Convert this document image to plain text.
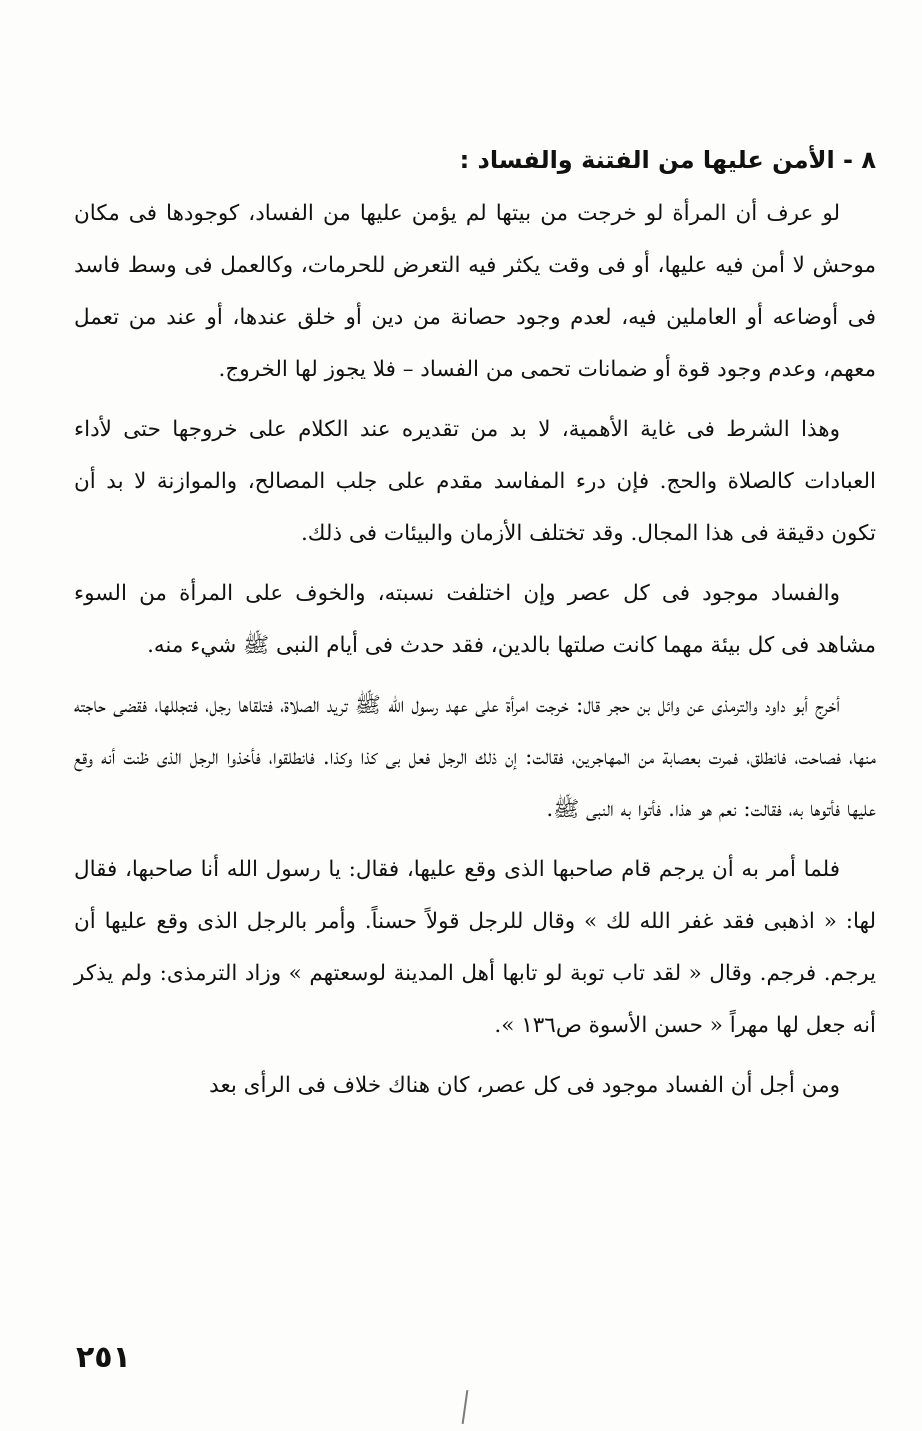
٨ - الأمن عليها من الفتنة والفساد :

لو عرف أن المرأة لو خرجت من بيتها لم يؤمن عليها من الفساد، كوجودها فى مكان موحش لا أمن فيه عليها، أو فى وقت يكثر فيه التعرض للحرمات، وكالعمل فى وسط فاسد فى أوضاعه أو العاملين فيه، لعدم وجود حصانة من دين أو خلق عندها، أو عند من تعمل معهم، وعدم وجود قوة أو ضمانات تحمى من الفساد – فلا يجوز لها الخروج.

وهذا الشرط فى غاية الأهمية، لا بد من تقديره عند الكلام على خروجها حتى لأداء العبادات كالصلاة والحج. فإن درء المفاسد مقدم على جلب المصالح، والموازنة لا بد أن تكون دقيقة فى هذا المجال. وقد تختلف الأزمان والبيئات فى ذلك.

والفساد موجود فى كل عصر وإن اختلفت نسبته، والخوف على المرأة من السوء مشاهد فى كل بيئة مهما كانت صلتها بالدين، فقد حدث فى أيام النبى ﷺ شيء منه.

أخرج أبو داود والترمذى عن وائل بن حجر قال: خرجت امرأة على عهد رسول الله ﷺ تريد الصلاة، فتلقاها رجل، فتجللها، فقضى حاجته منها، فصاحت، فانطلق، فمرت بعصابة من المهاجرين، فقالت: إن ذلك الرجل فعل بى كذا وكذا. فانطلقوا، فأخذوا الرجل الذى ظنت أنه وقع عليها فأتوها به، فقالت: نعم هو هذا. فأتوا به النبى ﷺ.

فلما أمر به أن يرجم قام صاحبها الذى وقع عليها، فقال: يا رسول الله أنا صاحبها، فقال لها: « اذهبى فقد غفر الله لك » وقال للرجل قولاً حسناً. وأمر بالرجل الذى وقع عليها أن يرجم. فرجم. وقال « لقد تاب توبة لو تابها أهل المدينة لوسعتهم » وزاد الترمذى: ولم يذكر أنه جعل لها مهراً « حسن الأسوة ص١٣٦ ».

ومن أجل أن الفساد موجود فى كل عصر، كان هناك خلاف فى الرأى بعد

٢٥١
